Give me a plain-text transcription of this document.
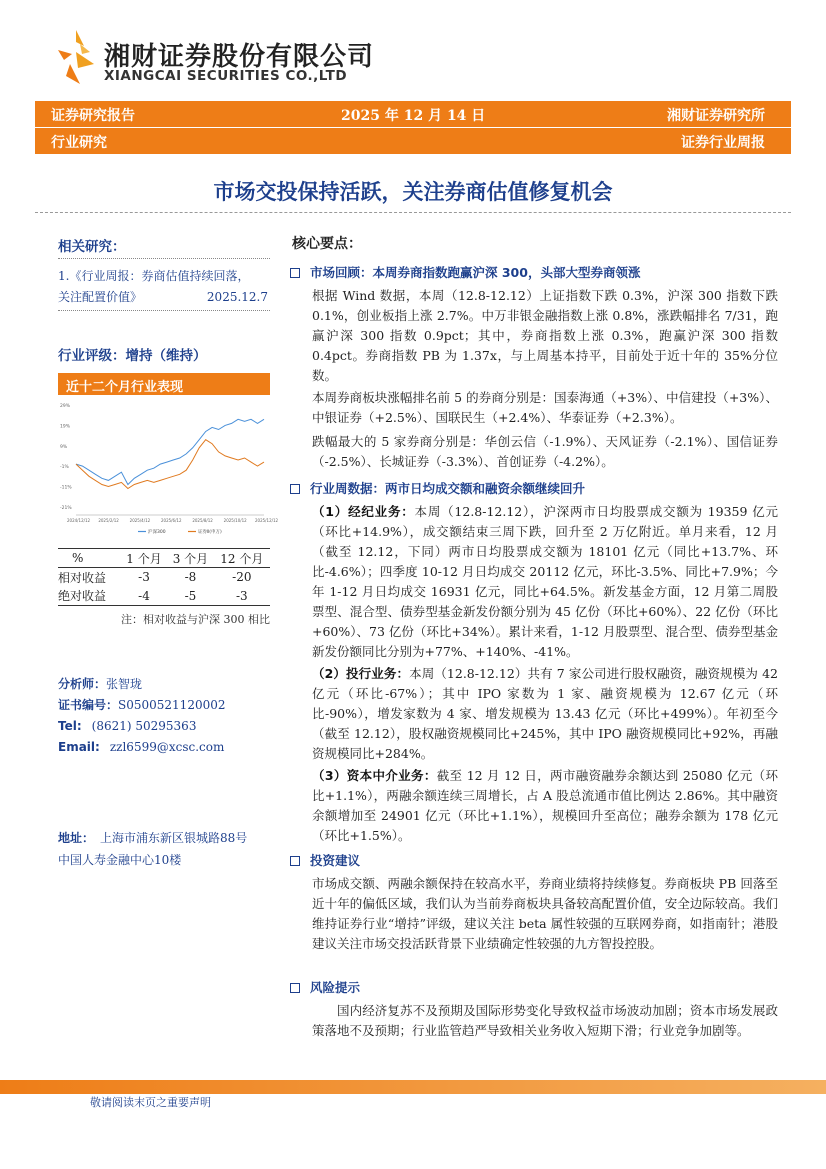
湘财证券股份有限公司
XIANGCAI SECURITIES CO.,LTD
证券研究报告	2025 年 12 月 14 日	湘财证券研究所
行业研究	证券行业周报
市场交投保持活跃，关注券商估值修复机会
相关研究：
1.《行业周报：券商估值持续回落，
关注配置价值》	2025.12.7
行业评级：增持（维持）
近十二个月行业表现
29%
19%
9%
-1%
-11%
-21%
2024/12/12 2025/2/12	2025/4/12	2025/6/12	2025/8/12	2025/10/12 2025/12/12
沪深300	证券Ⅱ(申万)
%	1 个月	3 个月	12 个月
相对收益	-3	-8	-20
绝对收益	-4	-5	-3
注：相对收益与沪深 300 相比
分析师：张智珑
证书编号：S0500521120002
Tel: (8621) 50295363
Email: zzl6599@xcsc.com
地址： 上海市浦东新区银城路88号
中国人寿金融中心10楼
核心要点：
市场回顾：本周券商指数跑赢沪深 300，头部大型券商领涨
根据 Wind 数据，本周（12.8-12.12）上证指数下跌 0.3%，沪深 300 指数下跌 0.1%，创业板指上涨 2.7%。中万非银金融指数上涨 0.8%，涨跌幅排名 7/31，跑赢沪深 300 指数 0.9pct；其中，券商指数上涨 0.3%，跑赢沪深 300 指数 0.4pct。券商指数 PB 为 1.37x，与上周基本持平，目前处于近十年的 35%分位数。
本周券商板块涨幅排名前 5 的券商分别是：国泰海通（+3%）、中信建投（+3%）、中银证券（+2.5%）、国联民生（+2.4%）、华泰证券（+2.3%）。
跌幅最大的 5 家券商分别是：华创云信（-1.9%）、天风证券（-2.1%）、国信证券（-2.5%）、长城证券（-3.3%）、首创证券（-4.2%）。
行业周数据：两市日均成交额和融资余额继续回升
（1）经纪业务：本周（12.8-12.12），沪深两市日均股票成交额为 19359 亿元（环比+14.9%），成交额结束三周下跌，回升至 2 万亿附近。单月来看，12 月（截至 12.12，下同）两市日均股票成交额为 18101 亿元（同比+13.7%、环比-4.6%）；四季度 10-12 月日均成交 20112 亿元，环比-3.5%、同比+7.9%；今年 1-12 月日均成交 16931 亿元，同比+64.5%。新发基金方面，12 月第二周股票型、混合型、债券型基金新发份额分别为 45 亿份（环比+60%）、22 亿份（环比+60%）、73 亿份（环比+34%）。累计来看，1-12 月股票型、混合型、债券型基金新发份额同比分别为+77%、+140%、-41%。
（2）投行业务：本周（12.8-12.12）共有 7 家公司进行股权融资，融资规模为 42 亿元（环比-67%）；其中 IPO 家数为 1 家、融资规模为 12.67 亿元（环比-90%），增发家数为 4 家、增发规模为 13.43 亿元（环比+499%）。年初至今（截至 12.12），股权融资规模同比+245%，其中 IPO 融资规模同比+92%，再融资规模同比+284%。
（3）资本中介业务：截至 12 月 12 日，两市融资融券余额达到 25080 亿元（环比+1.1%），两融余额连续三周增长，占 A 股总流通市值比例达 2.86%。其中融资余额增加至 24901 亿元（环比+1.1%），规模回升至高位；融券余额为 178 亿元（环比+1.5%）。
投资建议
市场成交额、两融余额保持在较高水平，券商业绩将持续修复。券商板块 PB 回落至近十年的偏低区域，我们认为当前券商板块具备较高配置价值，安全边际较高。我们维持证券行业“增持”评级，建议关注 beta 属性较强的互联网券商，如指南针；港股建议关注市场交投活跃背景下业绩确定性较强的九方智投控股。
风险提示
国内经济复苏不及预期及国际形势变化导致权益市场波动加剧；资本市场发展政策落地不及预期；行业监管趋严导致相关业务收入短期下滑；行业竞争加剧等。
敬请阅读末页之重要声明
